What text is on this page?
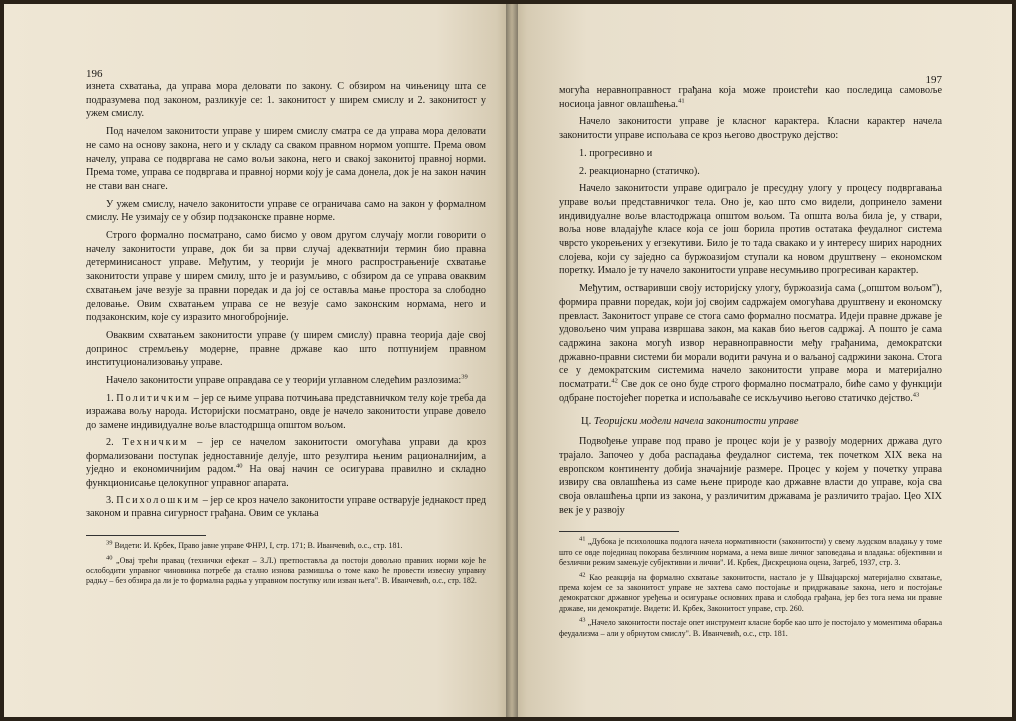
196

изнета схватања, да управа мора деловати по закону. С обзиром на чињеницу шта се подразумева под законом, разликује се: 1. законитост у ширем смислу и 2. законитост у ужем смислу.

Под начелом законитости управе у ширем смислу сматра се да управа мора деловати не само на основу закона, него и у складу са сваком правном нормом уопште. Према овом начелу, управа се подвргава не само вољи закона, него и свакој законитој правној норми. Према томе, управа се подвргава и правној норми коју је сама донела, док је на закон начин не стави ван снаге.

У ужем смислу, начело законитости управе се ограничава само на закон у формалном смислу. Не узимају се у обзир подзаконске правне норме.

Строго формално посматрано, само бисмо у овом другом случају могли говорити о начелу законитости управе, док би за први случај адекватнији термин био правна детерминисаност управе. Међутим, у теорији је много распрострањеније схватање законитости управе у ширем смилу, што је и разумљиво, с обзиром да се управа оваквим схватањем јаче везује за правни поредак и да јој се оставља мање простора за слободно деловање. Овим схватањем управа се не везује само законским нормама, него и подзаконским, које су изразито многобројније.

Оваквим схватањем законитости управе (у ширем смислу) правна теорија даје свој допринос стремљењу модерне, правне државе као што потпунијем правном институционализовању управе.

Начело законитости управе оправдава се у теорији углавном следећим разлозима:$^{39}$

1. Политичким – јер се њиме управа потчињава представничком телу које треба да изражава вољу народа. Историјски посматрано, овде је начело законитости управе довело до замене индивидуалне воље властодршца општом вољом.

2. Техничким – јер се начелом законитости омогућава управи да кроз формализовани поступак једноставније делује, што резултира њеним рационалнијим, а уједно и економичнијим радом.$^{40}$ На овај начин се осигурава правилно и складно функционисање целокупног управног апарата.

3. Психолошким – јер се кроз начело законитости управе остварује једнакост пред законом и правна сигурност грађана. Овим се уклања

$^{39}$ Видети: И. Крбек, Право јавне управе ФНРЈ, I, стр. 171; В. Иванчевић, о.с., стр. 181.

$^{40}$ „Овај трећи правац (технички ефекат – З.Л.) претпоставља да постоји довољно правних норми које ће ослободити управног чиновника потребе да стално изнова размишља о томе како ће провести извесну управну радњу – без обзира да ли је то формална радња у управном поступку или изван њега". В. Иванчевић, о.с., стр. 182.

197

могућа неравноправност грађана која може проистећи као последица самовоље носиоца јавног овлашћења.$^{41}$

Начело законитости управе је класног карактера. Класни карактер начела законитости управе испољава се кроз његово двоструко дејство:

1. прогресивно и

2. реакционарно (статичко).

Начело законитости управе одиграло је пресудну улогу у процесу подвргавања управе вољи представничког тела. Оно је, као што смо видели, допринело замени индивидуалне воље властодржаца општом вољом. Та општа воља била је, у ствари, воља нове владајуће класе која се још борила против остатака феудалног система чврсто укорењених у егзекутиви. Било је то тада свакако и у интересу ширих народних слојева, који су заједно са буржоазијом ступали ка новом друштвену – економском поретку. Имало је ту начело законитости управе несумњиво прогресиван карактер.

Међутим, остваривши своју историјску улогу, буржоазија сама („општом вољом"), формира правни поредак, који јој својим садржајем омогућава друштвену и економску превласт. Законитост управе се стога само формално посматра. Идеји правне државе је удовољено чим управа извршава закон, ма какав био његов садржај. А пошто је сама садржина закона могућ извор неравноправности међу грађанима, демократски државно-правни системи би морали водити рачуна и о ваљаној садржини закона. Стога се у демократским системима начело законитости управе мора и материјално посматрати.$^{42}$ Све док се оно буде строго формално посматрало, биће само у функцији одбране постојећег поретка и испољаваће се искључиво његово статичко дејство.$^{43}$

Ц. Теоријски модели начела законитости управе

Подвођење управе под право је процес који је у развоју модерних држава дуго трајало. Започео у доба распадања феудалног система, тек почетком XIX века на европском континенту добија значајније размере. Процес у којем у почетку управа извиру сва овлашћења из саме њене природе као државне власти до управе, која сва своја овлашћења црпи из закона, у различитим државама је различито трајао. Цео XIX век је у развоју

$^{41}$ „Дубока је психолошка подлога начела нормативности (законитости) у свему људском владању у томе што се овде појединац покорава безличним нормама, а нема више личног заповедања и владања: објективни и безлични режим замењује субјективни и лични". И. Крбек, Дискреционa оцена, Загреб, 1937, стр. 3.

$^{42}$ Као реакција на формално схватање законитости, настало је у Швајцарској материјално схватање, према којем се за законитост управе не захтева само постојање и придржавање закона, него и постојање демократског државног уређења и осигурање основних права и слобода грађана, јер без тога нема ни правне државе, ни демократије. Видети: И. Крбек, Законитост управе, стр. 260.

$^{43}$ „Начело законитости постаје опет инструмент класне борбе као што је постојало у моментима обарања феудализма – али у обрнутом смислу". В. Иванчевић, о.с., стр. 181.
